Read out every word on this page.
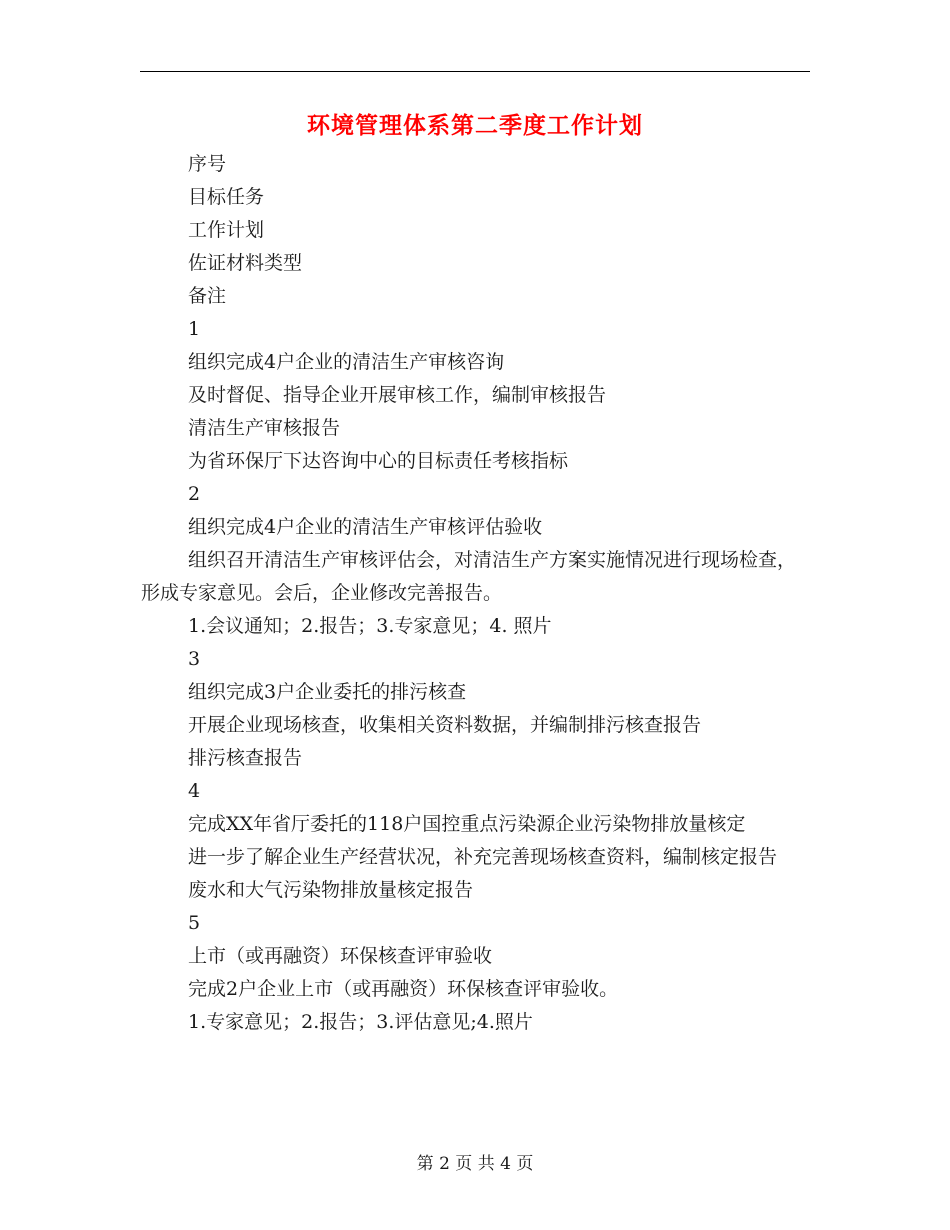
环境管理体系第二季度工作计划

序号

目标任务

工作计划

佐证材料类型

备注

1

组织完成4户企业的清洁生产审核咨询

及时督促、指导企业开展审核工作，编制审核报告

清洁生产审核报告

为省环保厅下达咨询中心的目标责任考核指标

2

组织完成4户企业的清洁生产审核评估验收

组织召开清洁生产审核评估会，对清洁生产方案实施情况进行现场检查，形成专家意见。会后，企业修改完善报告。

1.会议通知；2.报告；3.专家意见；4. 照片

3

组织完成3户企业委托的排污核查

开展企业现场核查，收集相关资料数据，并编制排污核查报告

排污核查报告

4

完成XX年省厅委托的118户国控重点污染源企业污染物排放量核定

进一步了解企业生产经营状况，补充完善现场核查资料，编制核定报告

废水和大气污染物排放量核定报告

5

上市（或再融资）环保核查评审验收

完成2户企业上市（或再融资）环保核查评审验收。

1.专家意见；2.报告；3.评估意见;4.照片

第 2 页 共 4 页
